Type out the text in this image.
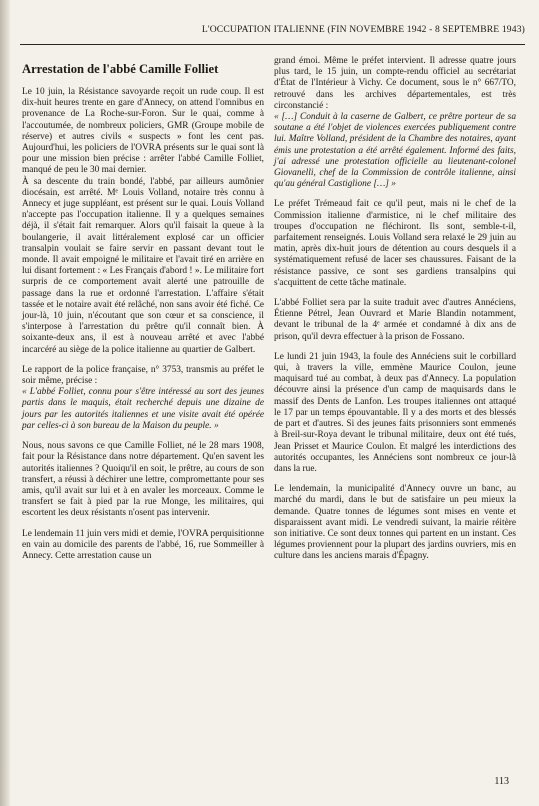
L'OCCUPATION ITALIENNE (FIN NOVEMBRE 1942 - 8 SEPTEMBRE 1943)
Arrestation de l'abbé Camille Folliet

Le 10 juin, la Résistance savoyarde reçoit un rude coup. Il est dix-huit heures trente en gare d'Annecy, on attend l'omnibus en provenance de La Roche-sur-Foron. Sur le quai, comme à l'accoutumée, de nombreux policiers, GMR (Groupe mobile de réserve) et autres civils « suspects » font les cent pas. Aujourd'hui, les policiers de l'OVRA présents sur le quai sont là pour une mission bien précise : arrêter l'abbé Camille Folliet, manqué de peu le 30 mai dernier.

À sa descente du train bondé, l'abbé, par ailleurs aumônier diocésain, est arrêté. Mᵉ Louis Volland, notaire très connu à Annecy et juge suppléant, est présent sur le quai. Louis Volland n'accepte pas l'occupation italienne. Il y a quelques semaines déjà, il s'était fait remarquer. Alors qu'il faisait la queue à la boulangerie, il avait littéralement explosé car un officier transalpin voulait se faire servir en passant devant tout le monde. Il avait empoigné le militaire et l'avait tiré en arrière en lui disant fortement : « Les Français d'abord ! ». Le militaire fort surpris de ce comportement avait alerté une patrouille de passage dans la rue et ordonné l'arrestation. L'affaire s'était tassée et le notaire avait été relâché, non sans avoir été fiché. Ce jour-là, 10 juin, n'écoutant que son cœur et sa conscience, il s'interpose à l'arrestation du prêtre qu'il connaît bien. À soixante-deux ans, il est à nouveau arrêté et avec l'abbé incarcéré au siège de la police italienne au quartier de Galbert.

Le rapport de la police française, n° 3753, transmis au préfet le soir même, précise :

« L'abbé Folliet, connu pour s'être intéressé au sort des jeunes partis dans le maquis, était recherché depuis une dizaine de jours par les autorités italiennes et une visite avait été opérée par celles-ci à son bureau de la Maison du peuple. »

Nous, nous savons ce que Camille Folliet, né le 28 mars 1908, fait pour la Résistance dans notre département. Qu'en savent les autorités italiennes ? Quoiqu'il en soit, le prêtre, au cours de son transfert, a réussi à déchirer une lettre, compromettante pour ses amis, qu'il avait sur lui et à en avaler les morceaux. Comme le transfert se fait à pied par la rue Monge, les militaires, qui escortent les deux résistants n'osent pas intervenir.

Le lendemain 11 juin vers midi et demie, l'OVRA perquisitionne en vain au domicile des parents de l'abbé, 16, rue Sommeiller à Annecy. Cette arrestation cause un

grand émoi. Même le préfet intervient. Il adresse quatre jours plus tard, le 15 juin, un compte-rendu officiel au secrétariat d'État de l'Intérieur à Vichy. Ce document, sous le n° 667/TO, retrouvé dans les archives départementales, est très circonstancié :

« […] Conduit à la caserne de Galbert, ce prêtre porteur de sa soutane a été l'objet de violences exercées publiquement contre lui. Maître Volland, président de la Chambre des notaires, ayant émis une protestation a été arrêté également. Informé des faits, j'ai adressé une protestation officielle au lieutenant-colonel Giovanelli, chef de la Commission de contrôle italienne, ainsi qu'au général Castiglione […] »

Le préfet Trémeaud fait ce qu'il peut, mais ni le chef de la Commission italienne d'armistice, ni le chef militaire des troupes d'occupation ne fléchiront. Ils sont, semble-t-il, parfaitement renseignés. Louis Volland sera relaxé le 29 juin au matin, après dix-huit jours de détention au cours desquels il a systématiquement refusé de lacer ses chaussures. Faisant de la résistance passive, ce sont ses gardiens transalpins qui s'acquittent de cette tâche matinale.

L'abbé Folliet sera par la suite traduit avec d'autres Annéciens, Étienne Pétrel, Jean Ouvrard et Marie Blandin notamment, devant le tribunal de la 4ᵉ armée et condamné à dix ans de prison, qu'il devra effectuer à la prison de Fossano.

Le lundi 21 juin 1943, la foule des Annéciens suit le corbillard qui, à travers la ville, emmène Maurice Coulon, jeune maquisard tué au combat, à deux pas d'Annecy. La population découvre ainsi la présence d'un camp de maquisards dans le massif des Dents de Lanfon. Les troupes italiennes ont attaqué le 17 par un temps épouvantable. Il y a des morts et des blessés de part et d'autres. Si des jeunes faits prisonniers sont emmenés à Breil-sur-Roya devant le tribunal militaire, deux ont été tués, Jean Prisset et Maurice Coulon. Et malgré les interdictions des autorités occupantes, les Annéciens sont nombreux ce jour-là dans la rue.

Le lendemain, la municipalité d'Annecy ouvre un banc, au marché du mardi, dans le but de satisfaire un peu mieux la demande. Quatre tonnes de légumes sont mises en vente et disparaissent avant midi. Le vendredi suivant, la mairie réitère son initiative. Ce sont deux tonnes qui partent en un instant. Ces légumes proviennent pour la plupart des jardins ouvriers, mis en culture dans les anciens marais d'Épagny.

113
